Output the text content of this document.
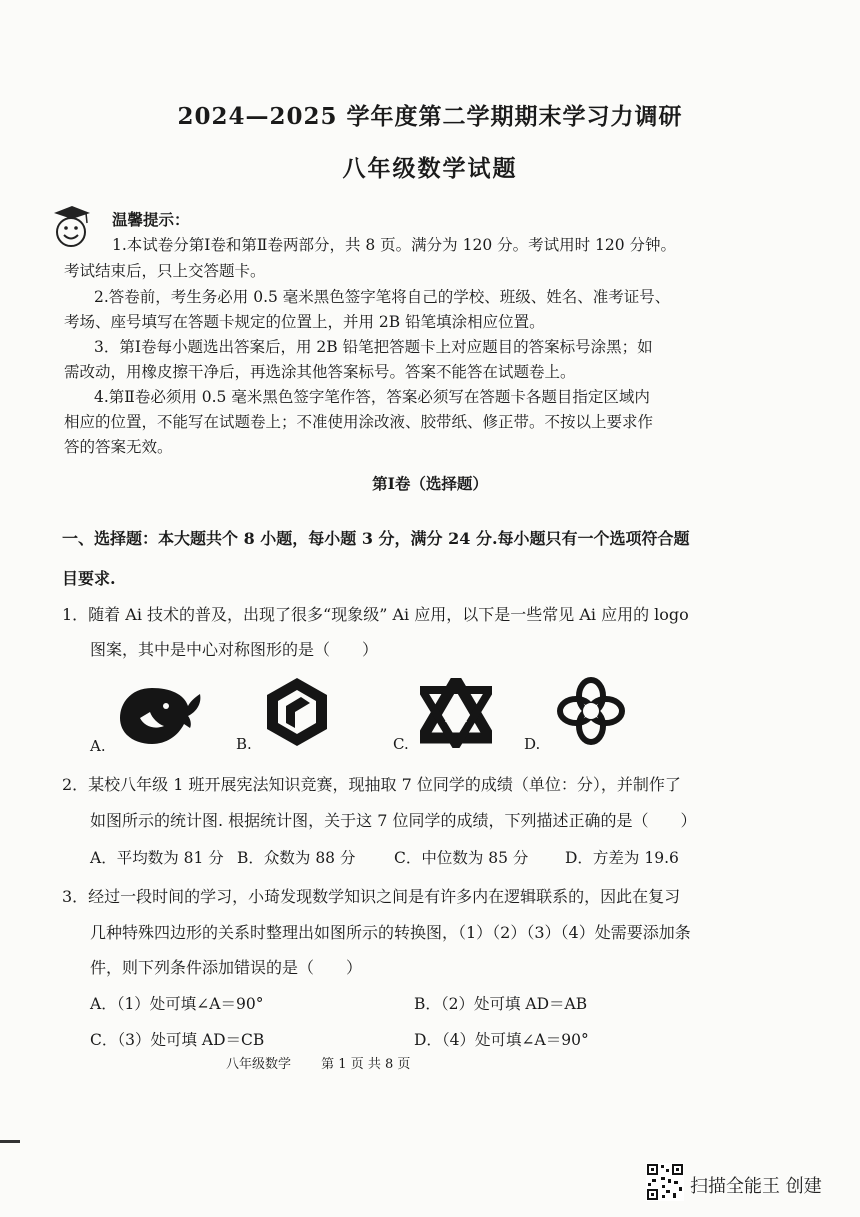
2024—2025 学年度第二学期期末学习力调研
八年级数学试题
温馨提示：
1.本试卷分第Ⅰ卷和第Ⅱ卷两部分，共 8 页。满分为 120 分。考试用时 120 分钟。
考试结束后，只上交答题卡。
2.答卷前，考生务必用 0.5 毫米黑色签字笔将自己的学校、班级、姓名、准考证号、
考场、座号填写在答题卡规定的位置上，并用 2B 铅笔填涂相应位置。
3．第Ⅰ卷每小题选出答案后，用 2B 铅笔把答题卡上对应题目的答案标号涂黑；如
需改动，用橡皮擦干净后，再选涂其他答案标号。答案不能答在试题卷上。
4.第Ⅱ卷必须用 0.5 毫米黑色签字笔作答，答案必须写在答题卡各题目指定区域内
相应的位置，不能写在试题卷上；不准使用涂改液、胶带纸、修正带。不按以上要求作
答的答案无效。
第Ⅰ卷（选择题）
一、选择题：本大题共个 8 小题，每小题 3 分，满分 24 分.每小题只有一个选项符合题
目要求.
1．随着 Ai 技术的普及，出现了很多“现象级” Ai 应用，以下是一些常见 Ai 应用的 logo
图案，其中是中心对称图形的是（　　）
A.	B.	C.	D.
2．某校八年级 1 班开展宪法知识竞赛，现抽取 7 位同学的成绩（单位：分），并制作了
如图所示的统计图. 根据统计图，关于这 7 位同学的成绩，下列描述正确的是（　　）
A．平均数为 81 分 B．众数为 88 分 C．中位数为 85 分 D．方差为 19.6
3．经过一段时间的学习，小琦发现数学知识之间是有许多内在逻辑联系的，因此在复习
几种特殊四边形的关系时整理出如图所示的转换图，（1）（2）（3）（4）处需要添加条
件，则下列条件添加错误的是（　　）
A．（1）处可填∠A＝90°	B．（2）处可填 AD＝AB
C．（3）处可填 AD＝CB	D．（4）处可填∠A＝90°
八年级数学 第 1 页 共 8 页
扫描全能王 创建
